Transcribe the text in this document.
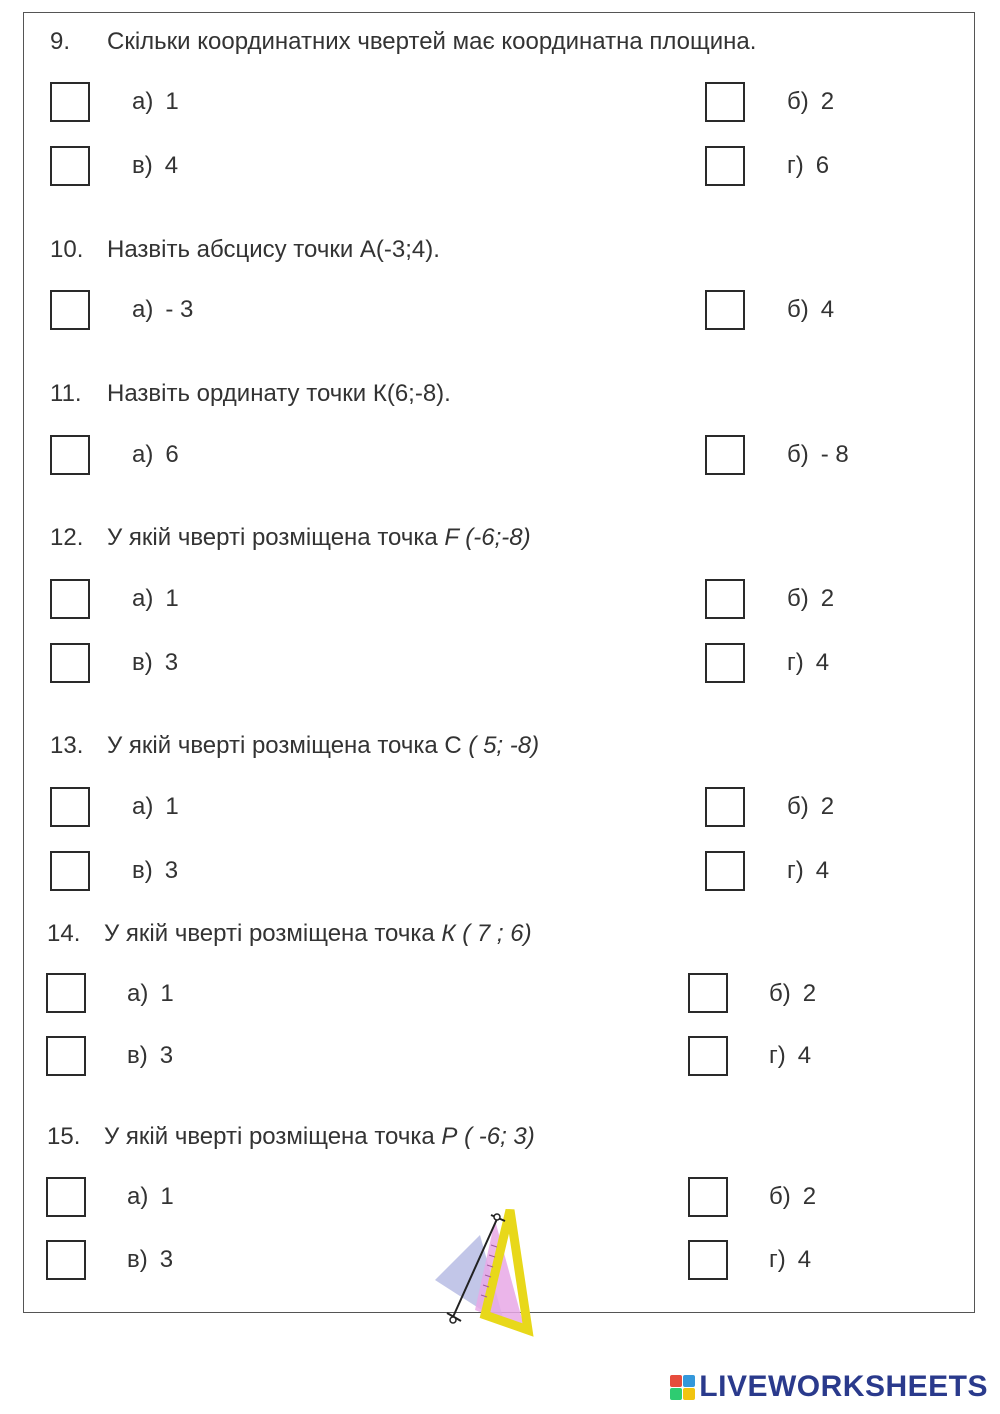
9. Скільки координатних чвертей має координатна площина.
а) 1	б) 2
в) 4	г) 6
10. Назвіть абсцису точки А(-3;4).
а) - 3	б) 4
11. Назвіть ординату точки К(6;-8).
а) 6	б) - 8
12. У якій чверті розміщена точка F (-6;-8)
а) 1	б) 2
в) 3	г) 4
13. У якій чверті розміщена точка С ( 5; -8)
а) 1	б) 2
в) 3	г) 4
14. У якій чверті розміщена точка К ( 7 ; 6)
а) 1	б) 2
в) 3	г) 4
15. У якій чверті розміщена точка Р ( -6; 3)
а) 1	б) 2
в) 3	г) 4
LIVEWORKSHEETS
